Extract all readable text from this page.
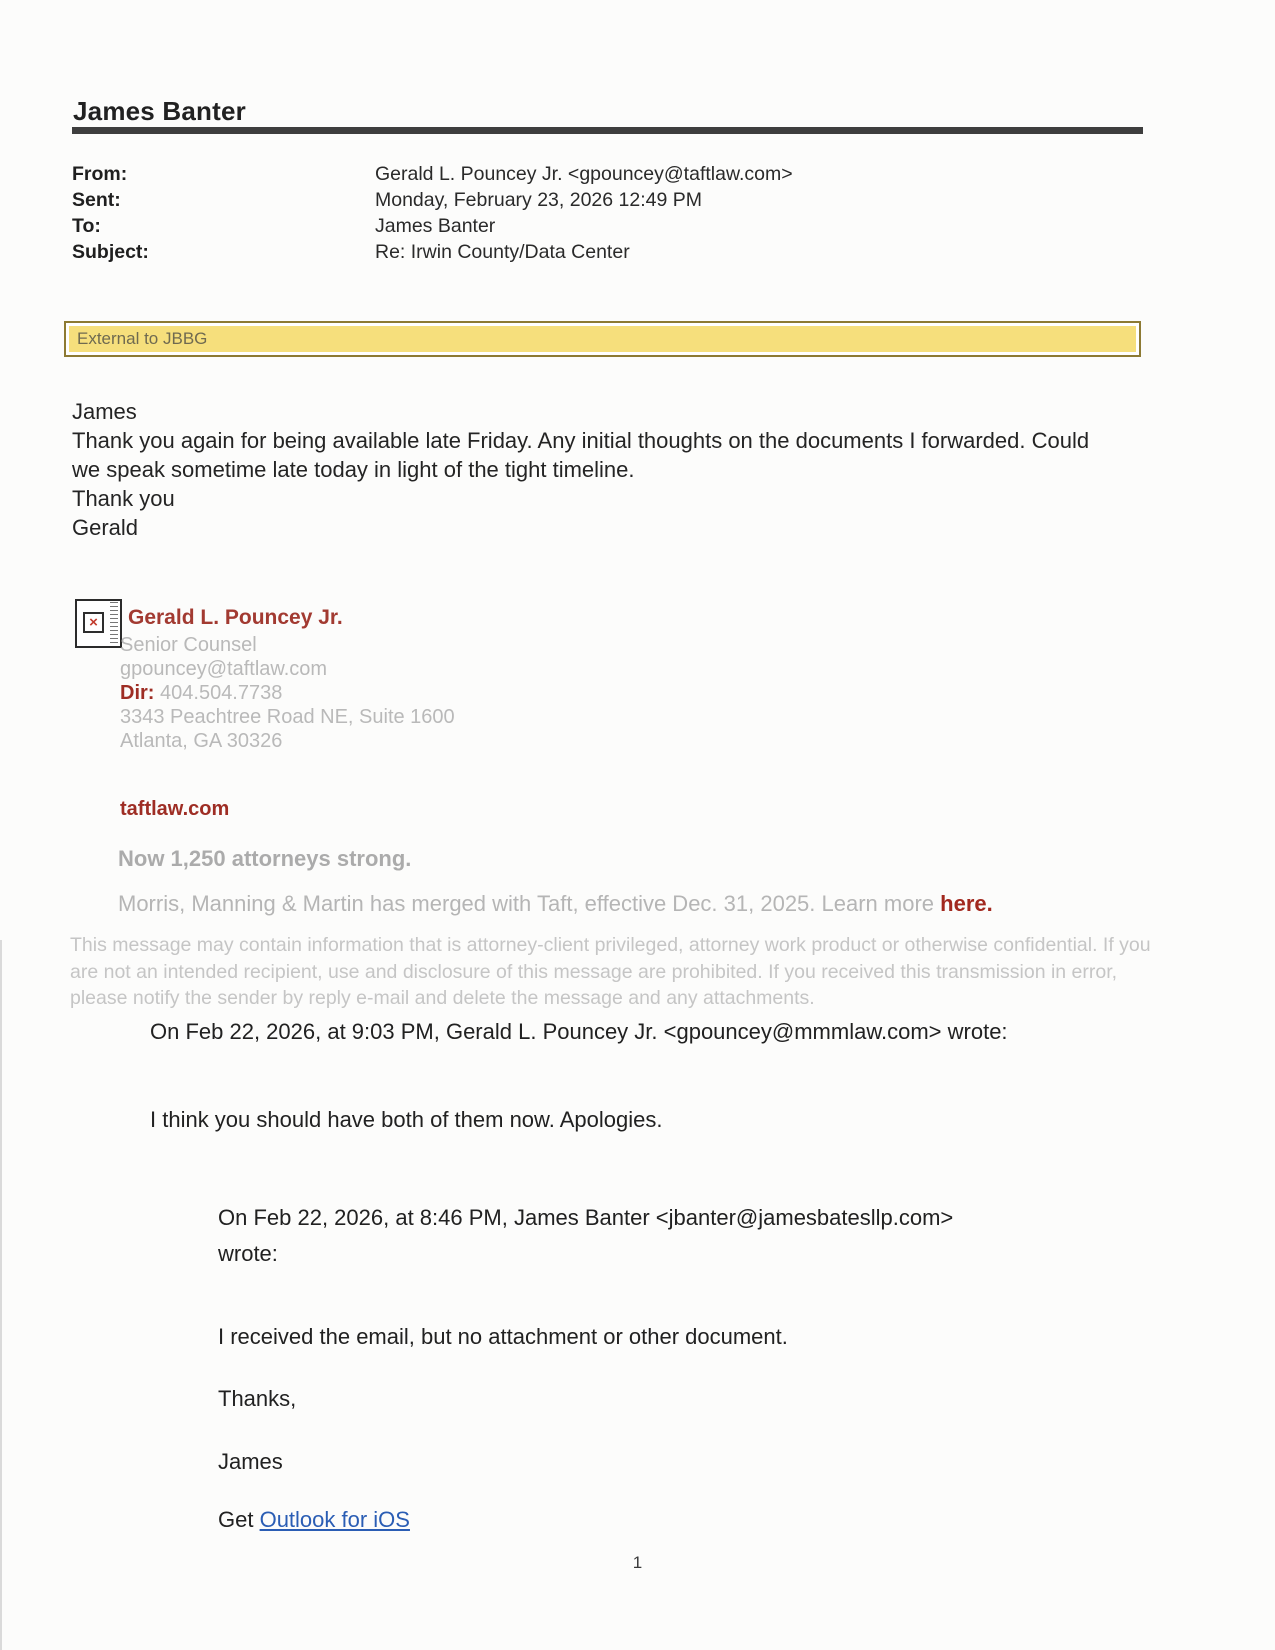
James Banter
From:	Gerald L. Pouncey Jr. <gpouncey@taftlaw.com>
Sent:	Monday, February 23, 2026 12:49 PM
To:	James Banter
Subject:	Re: Irwin County/Data Center
External to JBBG
James
Thank you again for being available late Friday. Any initial thoughts on the documents I forwarded. Could
we speak sometime late today in light of the tight timeline.
Thank you
Gerald
× Gerald L. Pouncey Jr.
Senior Counsel
gpouncey@taftlaw.com
Dir: 404.504.7738
3343 Peachtree Road NE, Suite 1600
Atlanta, GA 30326
taftlaw.com
Now 1,250 attorneys strong.
Morris, Manning & Martin has merged with Taft, effective Dec. 31, 2025. Learn more here.
This message may contain information that is attorney-client privileged, attorney work product or otherwise confidential. If you
are not an intended recipient, use and disclosure of this message are prohibited. If you received this transmission in error,
please notify the sender by reply e-mail and delete the message and any attachments.
On Feb 22, 2026, at 9:03 PM, Gerald L. Pouncey Jr. <gpouncey@mmmlaw.com> wrote:
I think you should have both of them now. Apologies.
On Feb 22, 2026, at 8:46 PM, James Banter <jbanter@jamesbatesllp.com>
wrote:
I received the email, but no attachment or other document.
Thanks,
James
Get Outlook for iOS
1
